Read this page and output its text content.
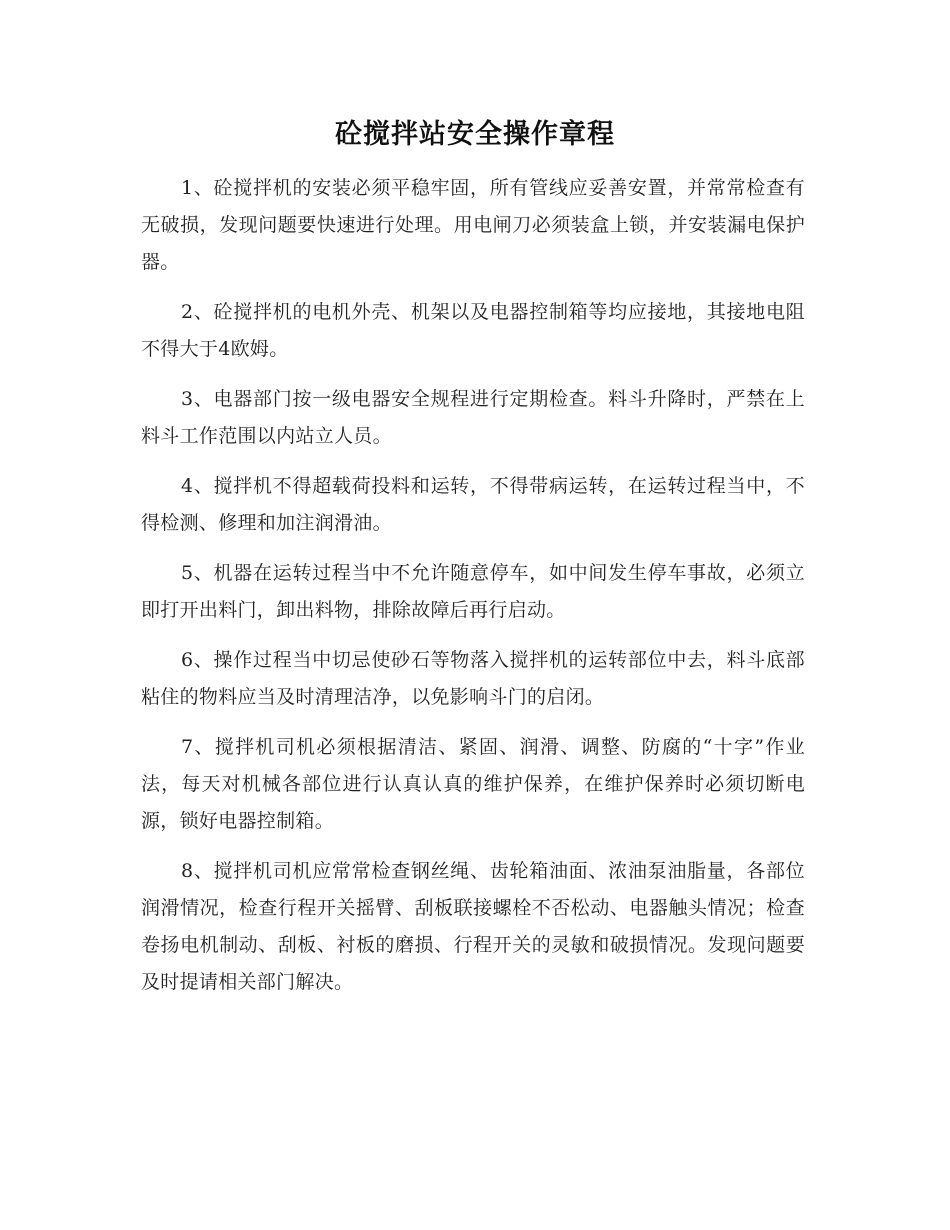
砼搅拌站安全操作章程

1、砼搅拌机的安装必须平稳牢固，所有管线应妥善安置，并常常检查有无破损，发现问题要快速进行处理。用电闸刀必须装盒上锁，并安装漏电保护器。

2、砼搅拌机的电机外壳、机架以及电器控制箱等均应接地，其接地电阻不得大于4欧姆。

3、电器部门按一级电器安全规程进行定期检查。料斗升降时，严禁在上料斗工作范围以内站立人员。

4、搅拌机不得超载荷投料和运转，不得带病运转，在运转过程当中，不得检测、修理和加注润滑油。

5、机器在运转过程当中不允许随意停车，如中间发生停车事故，必须立即打开出料门，卸出料物，排除故障后再行启动。

6、操作过程当中切忌使砂石等物落入搅拌机的运转部位中去，料斗底部粘住的物料应当及时清理洁净，以免影响斗门的启闭。

7、搅拌机司机必须根据清洁、紧固、润滑、调整、防腐的“十字”作业法，每天对机械各部位进行认真认真的维护保养，在维护保养时必须切断电源，锁好电器控制箱。

8、搅拌机司机应常常检查钢丝绳、齿轮箱油面、浓油泵油脂量，各部位润滑情况，检查行程开关摇臂、刮板联接螺栓不否松动、电器触头情况；检查卷扬电机制动、刮板、衬板的磨损、行程开关的灵敏和破损情况。发现问题要及时提请相关部门解决。
